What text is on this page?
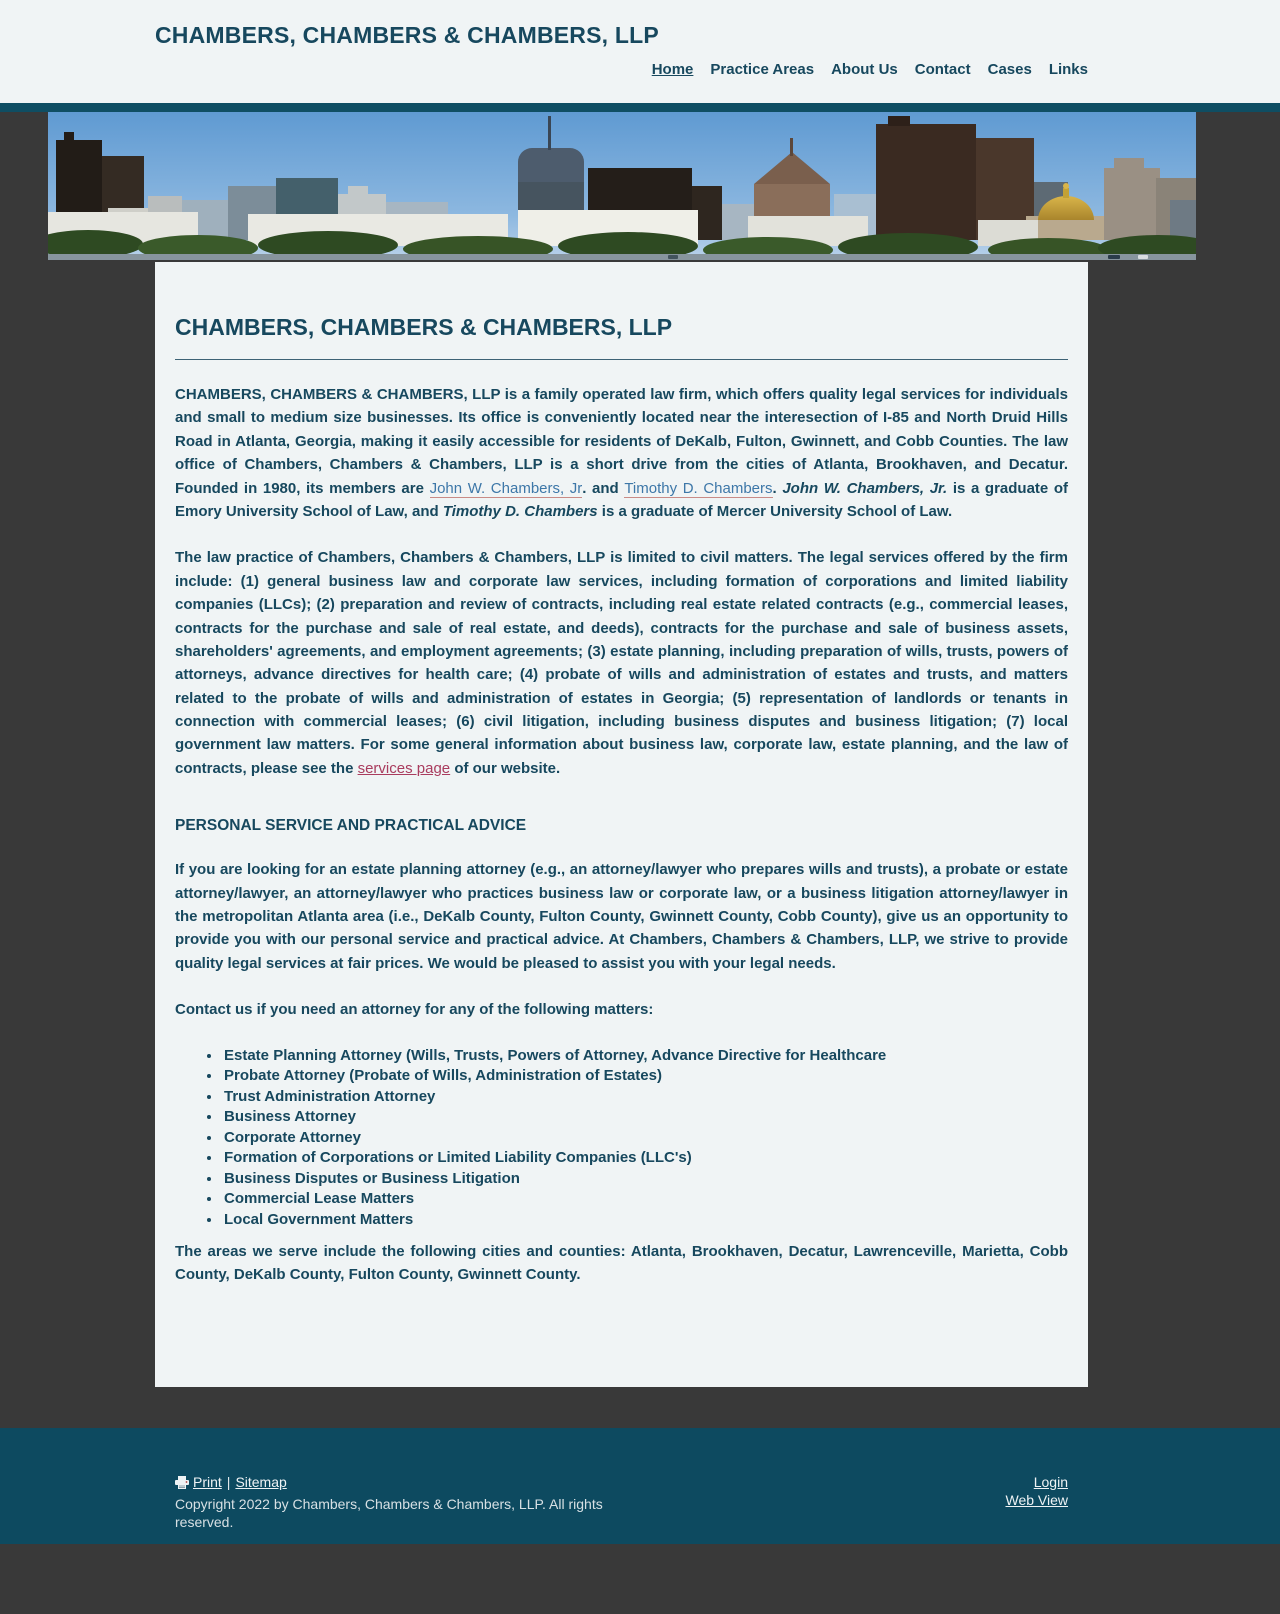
CHAMBERS, CHAMBERS & CHAMBERS, LLP
Home Practice Areas About Us Contact Cases Links
CHAMBERS, CHAMBERS & CHAMBERS, LLP

CHAMBERS, CHAMBERS & CHAMBERS, LLP is a family operated law firm, which offers quality legal services for individuals and small to medium size businesses. Its office is conveniently located near the interesection of I-85 and North Druid Hills Road in Atlanta, Georgia, making it easily accessible for residents of DeKalb, Fulton, Gwinnett, and Cobb Counties. The law office of Chambers, Chambers & Chambers, LLP is a short drive from the cities of Atlanta, Brookhaven, and Decatur. Founded in 1980, its members are John W. Chambers, Jr. and Timothy D. Chambers. John W. Chambers, Jr. is a graduate of Emory University School of Law, and Timothy D. Chambers is a graduate of Mercer University School of Law.

The law practice of Chambers, Chambers & Chambers, LLP is limited to civil matters. The legal services offered by the firm include: (1) general business law and corporate law services, including formation of corporations and limited liability companies (LLCs); (2) preparation and review of contracts, including real estate related contracts (e.g., commercial leases, contracts for the purchase and sale of real estate, and deeds), contracts for the purchase and sale of business assets, shareholders' agreements, and employment agreements; (3) estate planning, including preparation of wills, trusts, powers of attorneys, advance directives for health care; (4) probate of wills and administration of estates and trusts, and matters related to the probate of wills and administration of estates in Georgia; (5) representation of landlords or tenants in connection with commercial leases; (6) civil litigation, including business disputes and business litigation; (7) local government law matters. For some general information about business law, corporate law, estate planning, and the law of contracts, please see the services page of our website.

PERSONAL SERVICE AND PRACTICAL ADVICE

If you are looking for an estate planning attorney (e.g., an attorney/lawyer who prepares wills and trusts), a probate or estate attorney/lawyer, an attorney/lawyer who practices business law or corporate law, or a business litigation attorney/lawyer in the metropolitan Atlanta area (i.e., DeKalb County, Fulton County, Gwinnett County, Cobb County), give us an opportunity to provide you with our personal service and practical advice. At Chambers, Chambers & Chambers, LLP, we strive to provide quality legal services at fair prices. We would be pleased to assist you with your legal needs.

Contact us if you need an attorney for any of the following matters:

• Estate Planning Attorney (Wills, Trusts, Powers of Attorney, Advance Directive for Healthcare
• Probate Attorney (Probate of Wills, Administration of Estates)
• Trust Administration Attorney
• Business Attorney
• Corporate Attorney
• Formation of Corporations or Limited Liability Companies (LLC's)
• Business Disputes or Business Litigation
• Commercial Lease Matters
• Local Government Matters

The areas we serve include the following cities and counties: Atlanta, Brookhaven, Decatur, Lawrenceville, Marietta, Cobb County, DeKalb County, Fulton County, Gwinnett County.

Print | Sitemap
Copyright 2022 by Chambers, Chambers & Chambers, LLP. All rights reserved.
Login
Web View
